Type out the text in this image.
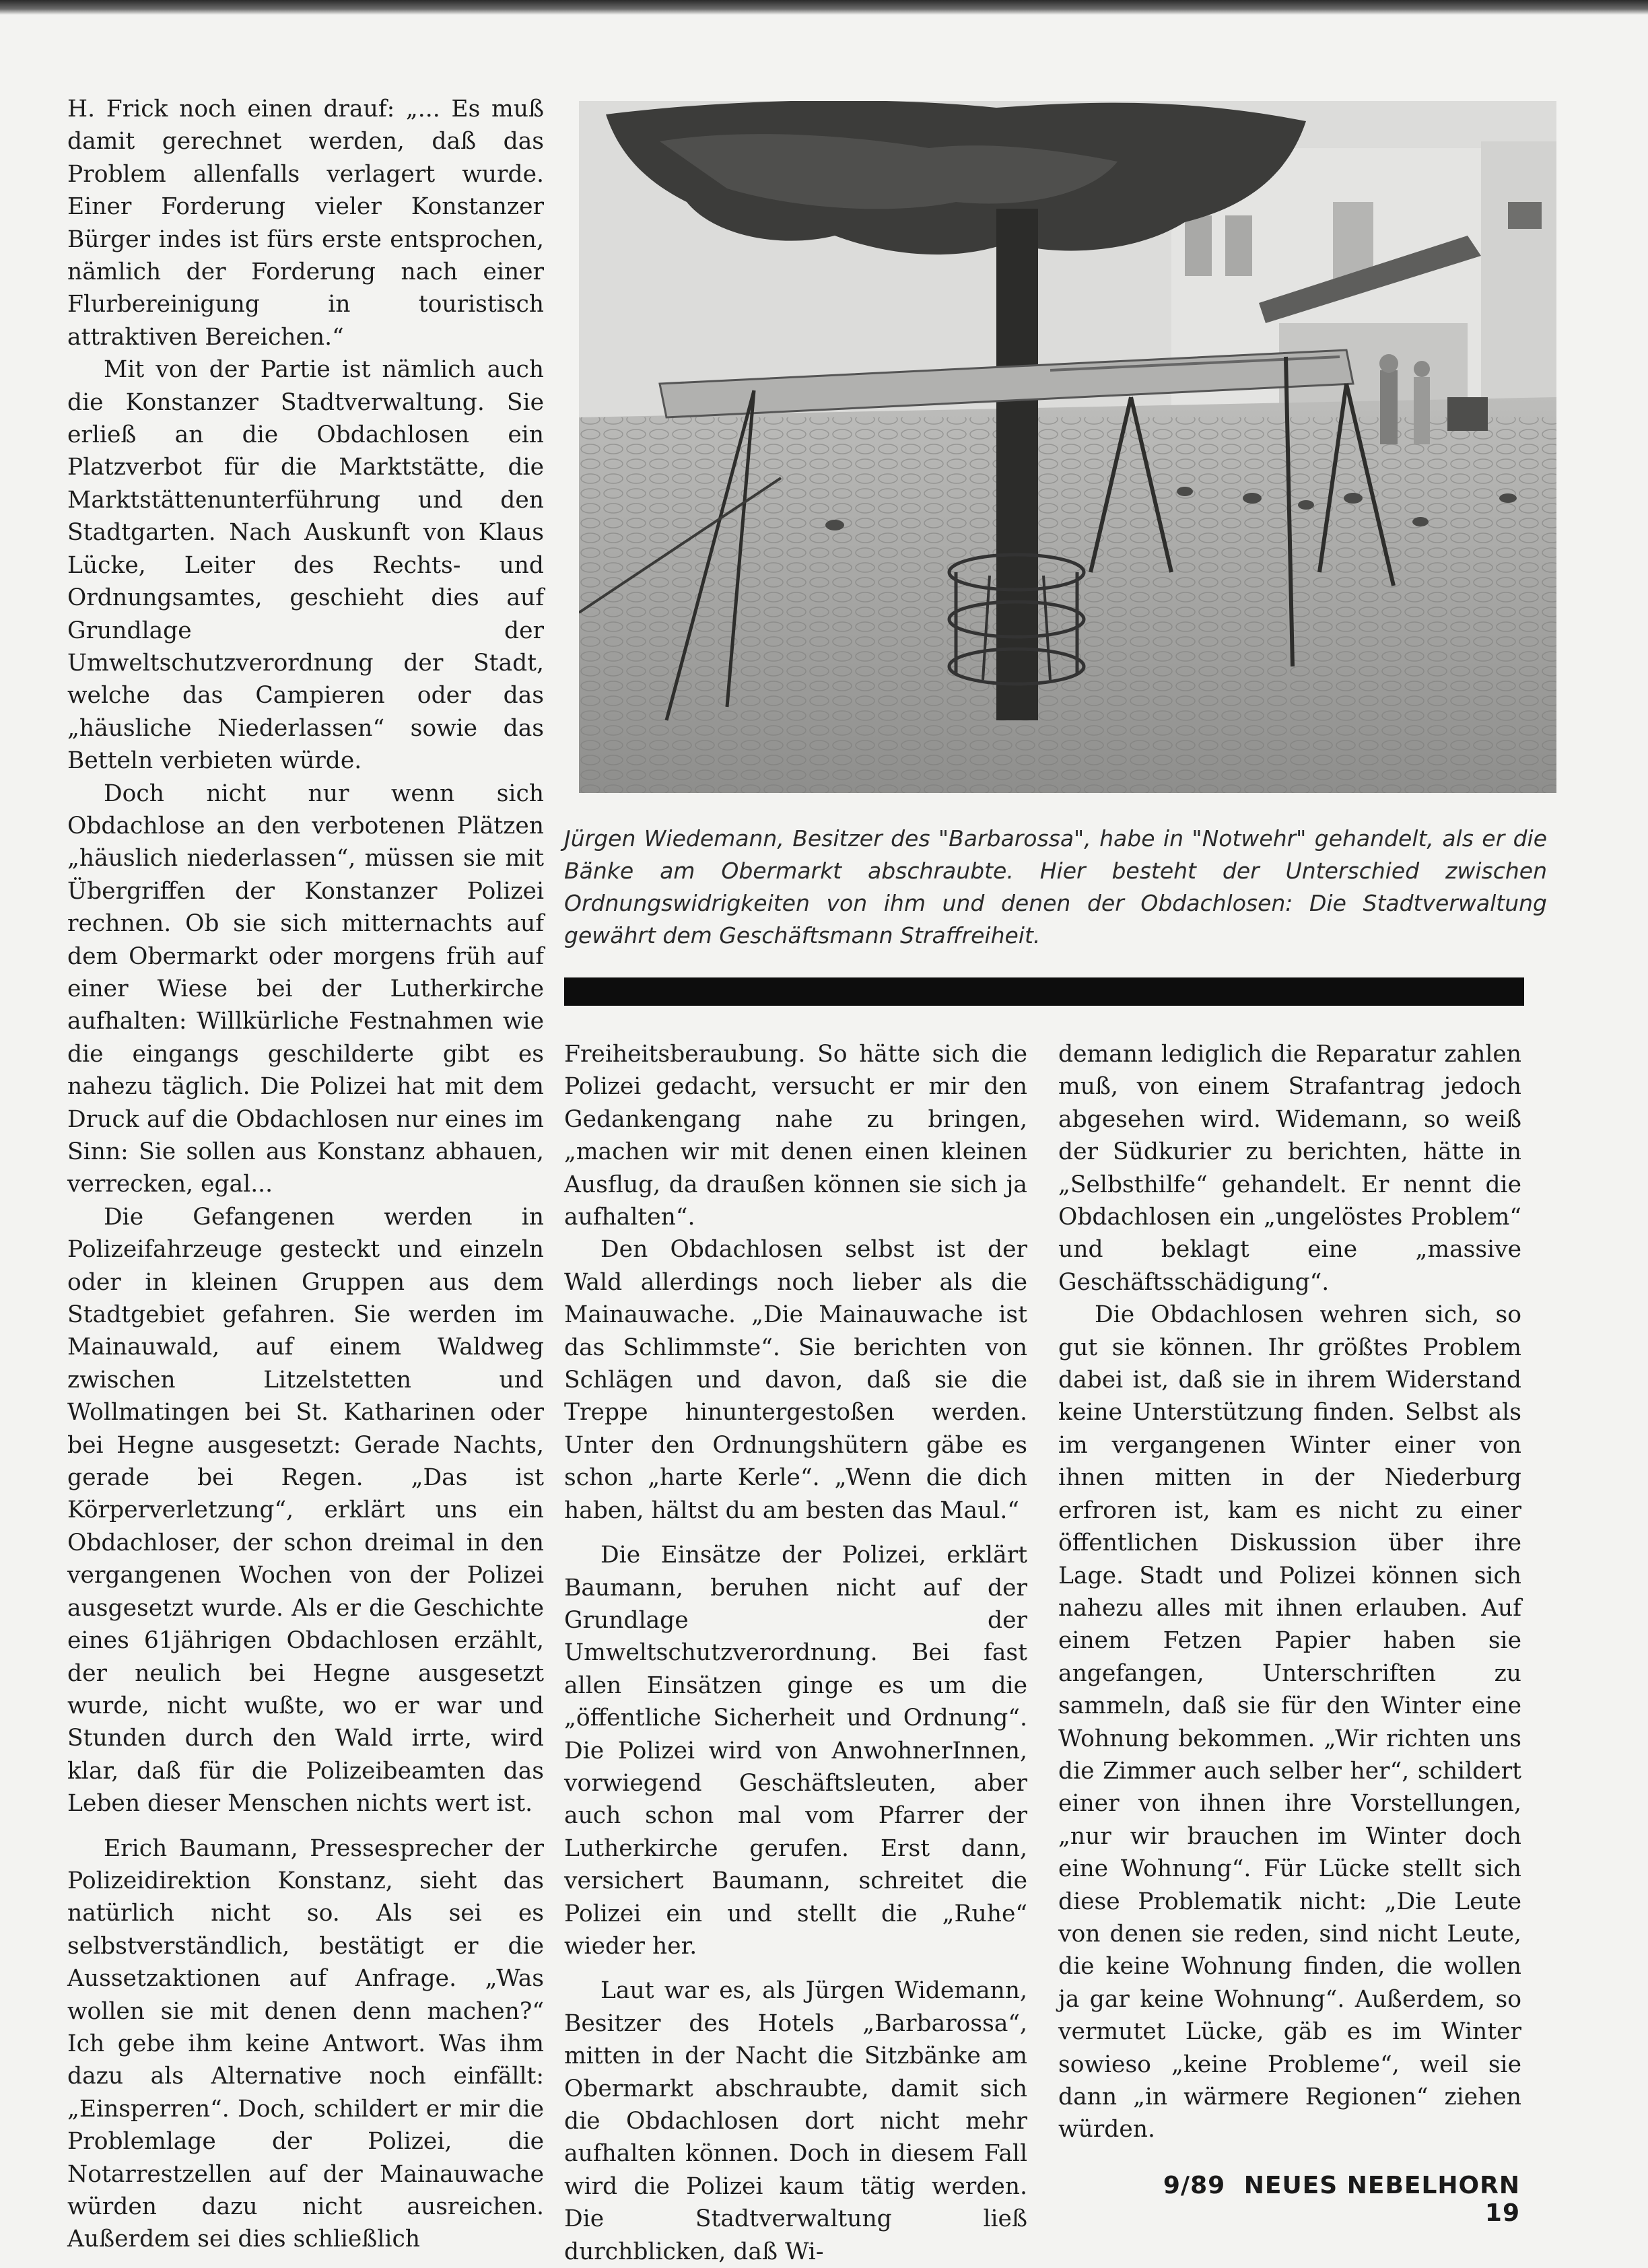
H. Frick noch einen drauf: „... Es muß damit gerechnet werden, daß das Problem allenfalls verlagert wurde. Einer Forderung vieler Konstanzer Bürger indes ist fürs erste entsprochen, nämlich der Forderung nach einer Flurbereinigung in touristisch attraktiven Bereichen.“

Mit von der Partie ist nämlich auch die Konstanzer Stadtverwaltung. Sie erließ an die Obdachlosen ein Platzverbot für die Marktstätte, die Marktstättenunterführung und den Stadtgarten. Nach Auskunft von Klaus Lücke, Leiter des Rechts- und Ordnungsamtes, geschieht dies auf Grundlage der Umweltschutzverordnung der Stadt, welche das Campieren oder das „häusliche Niederlassen“ sowie das Betteln verbieten würde.

Doch nicht nur wenn sich Obdachlose an den verbotenen Plätzen „häuslich niederlassen“, müssen sie mit Übergriffen der Konstanzer Polizei rechnen. Ob sie sich mitternachts auf dem Obermarkt oder morgens früh auf einer Wiese bei der Lutherkirche aufhalten: Willkürliche Festnahmen wie die eingangs geschilderte gibt es nahezu täglich. Die Polizei hat mit dem Druck auf die Obdachlosen nur eines im Sinn: Sie sollen aus Konstanz abhauen, verrecken, egal...

Die Gefangenen werden in Polizeifahrzeuge gesteckt und einzeln oder in kleinen Gruppen aus dem Stadtgebiet gefahren. Sie werden im Mainauwald, auf einem Waldweg zwischen Litzelstetten und Wollmatingen bei St. Katharinen oder bei Hegne ausgesetzt: Gerade Nachts, gerade bei Regen. „Das ist Körperverletzung“, erklärt uns ein Obdachloser, der schon dreimal in den vergangenen Wochen von der Polizei ausgesetzt wurde. Als er die Geschichte eines 61jährigen Obdachlosen erzählt, der neulich bei Hegne ausgesetzt wurde, nicht wußte, wo er war und Stunden durch den Wald irrte, wird klar, daß für die Polizeibeamten das Leben dieser Menschen nichts wert ist.

Erich Baumann, Pressesprecher der Polizeidirektion Konstanz, sieht das natürlich nicht so. Als sei es selbstverständlich, bestätigt er die Aussetzaktionen auf Anfrage. „Was wollen sie mit denen denn machen?“ Ich gebe ihm keine Antwort. Was ihm dazu als Alternative noch einfällt: „Einsperren“. Doch, schildert er mir die Problemlage der Polizei, die Notarrestzellen auf der Mainauwache würden dazu nicht ausreichen. Außerdem sei dies schließlich

Jürgen Wiedemann, Besitzer des "Barbarossa", habe in "Notwehr" gehandelt, als er die Bänke am Obermarkt abschraubte. Hier besteht der Unterschied zwischen Ordnungswidrigkeiten von ihm und denen der Obdachlosen: Die Stadtverwaltung gewährt dem Geschäftsmann Straffreiheit.

Freiheitsberaubung. So hätte sich die Polizei gedacht, versucht er mir den Gedankengang nahe zu bringen, „machen wir mit denen einen kleinen Ausflug, da draußen können sie sich ja aufhalten“.

Den Obdachlosen selbst ist der Wald allerdings noch lieber als die Mainauwache. „Die Mainauwache ist das Schlimmste“. Sie berichten von Schlägen und davon, daß sie die Treppe hinuntergestoßen werden. Unter den Ordnungshütern gäbe es schon „harte Kerle“. „Wenn die dich haben, hältst du am besten das Maul.“

Die Einsätze der Polizei, erklärt Baumann, beruhen nicht auf der Grundlage der Umweltschutzverordnung. Bei fast allen Einsätzen ginge es um die „öffentliche Sicherheit und Ordnung“. Die Polizei wird von AnwohnerInnen, vorwiegend Geschäftsleuten, aber auch schon mal vom Pfarrer der Lutherkirche gerufen. Erst dann, versichert Baumann, schreitet die Polizei ein und stellt die „Ruhe“ wieder her.

Laut war es, als Jürgen Widemann, Besitzer des Hotels „Barbarossa“, mitten in der Nacht die Sitzbänke am Obermarkt abschraubte, damit sich die Obdachlosen dort nicht mehr aufhalten können. Doch in diesem Fall wird die Polizei kaum tätig werden. Die Stadtverwaltung ließ durchblicken, daß Wi-

demann lediglich die Reparatur zahlen muß, von einem Strafantrag jedoch abgesehen wird. Widemann, so weiß der Südkurier zu berichten, hätte in „Selbsthilfe“ gehandelt. Er nennt die Obdachlosen ein „ungelöstes Problem“ und beklagt eine „massive Geschäftsschädigung“.

Die Obdachlosen wehren sich, so gut sie können. Ihr größtes Problem dabei ist, daß sie in ihrem Widerstand keine Unterstützung finden. Selbst als im vergangenen Winter einer von ihnen mitten in der Niederburg erfroren ist, kam es nicht zu einer öffentlichen Diskussion über ihre Lage. Stadt und Polizei können sich nahezu alles mit ihnen erlauben. Auf einem Fetzen Papier haben sie angefangen, Unterschriften zu sammeln, daß sie für den Winter eine Wohnung bekommen. „Wir richten uns die Zimmer auch selber her“, schildert einer von ihnen ihre Vorstellungen, „nur wir brauchen im Winter doch eine Wohnung“. Für Lücke stellt sich diese Problematik nicht: „Die Leute von denen sie reden, sind nicht Leute, die keine Wohnung finden, die wollen ja gar keine Wohnung“. Außerdem, so vermutet Lücke, gäb es im Winter sowieso „keine Probleme“, weil sie dann „in wärmere Regionen“ ziehen würden.

9/89 NEUES NEBELHORN 19
